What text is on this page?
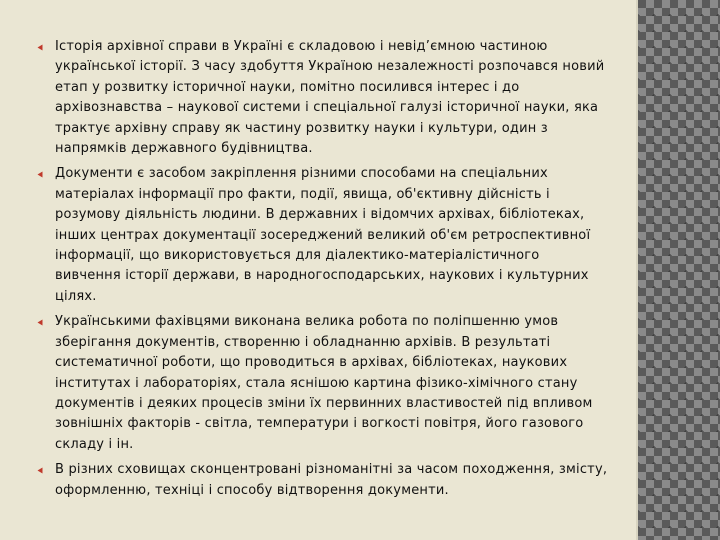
Історія архівної справи в Україні є складовою і невід’ємною частиною української історії. З часу здобуття Україною незалежності розпочався новий етап у розвитку історичної науки, помітно посилився інтерес і до архівознавства – наукової системи і спеціальної галузі історичної науки, яка трактує архівну справу як частину розвитку науки і культури, один з напрямків державного будівництва.
Документи є засобом закріплення різними способами на спеціальних матеріалах інформації про факти, події, явища, об'єктивну дійсність і розумову діяльність людини. В державних і відомчих архівах, бібліотеках, інших центрах документації зосереджений великий об'єм ретроспективної інформації, що використовується для діалектико-матеріалістичного вивчення історії держави, в народногосподарських, наукових і культурних цілях.
Українськими фахівцями виконана велика робота по поліпшенню умов зберігання документів, створенню і обладнанню архівів. В результаті систематичної роботи, що проводиться в архівах, бібліотеках, наукових інститутах і лабораторіях, стала яснішою картина фізико-хімічного стану документів і деяких процесів зміни їх первинних властивостей під впливом зовнішніх факторів - світла, температури і вогкості повітря, його газового складу і ін.
В різних сховищах сконцентровані різноманітні за часом походження, змісту, оформленню, техніці і способу відтворення документи.
